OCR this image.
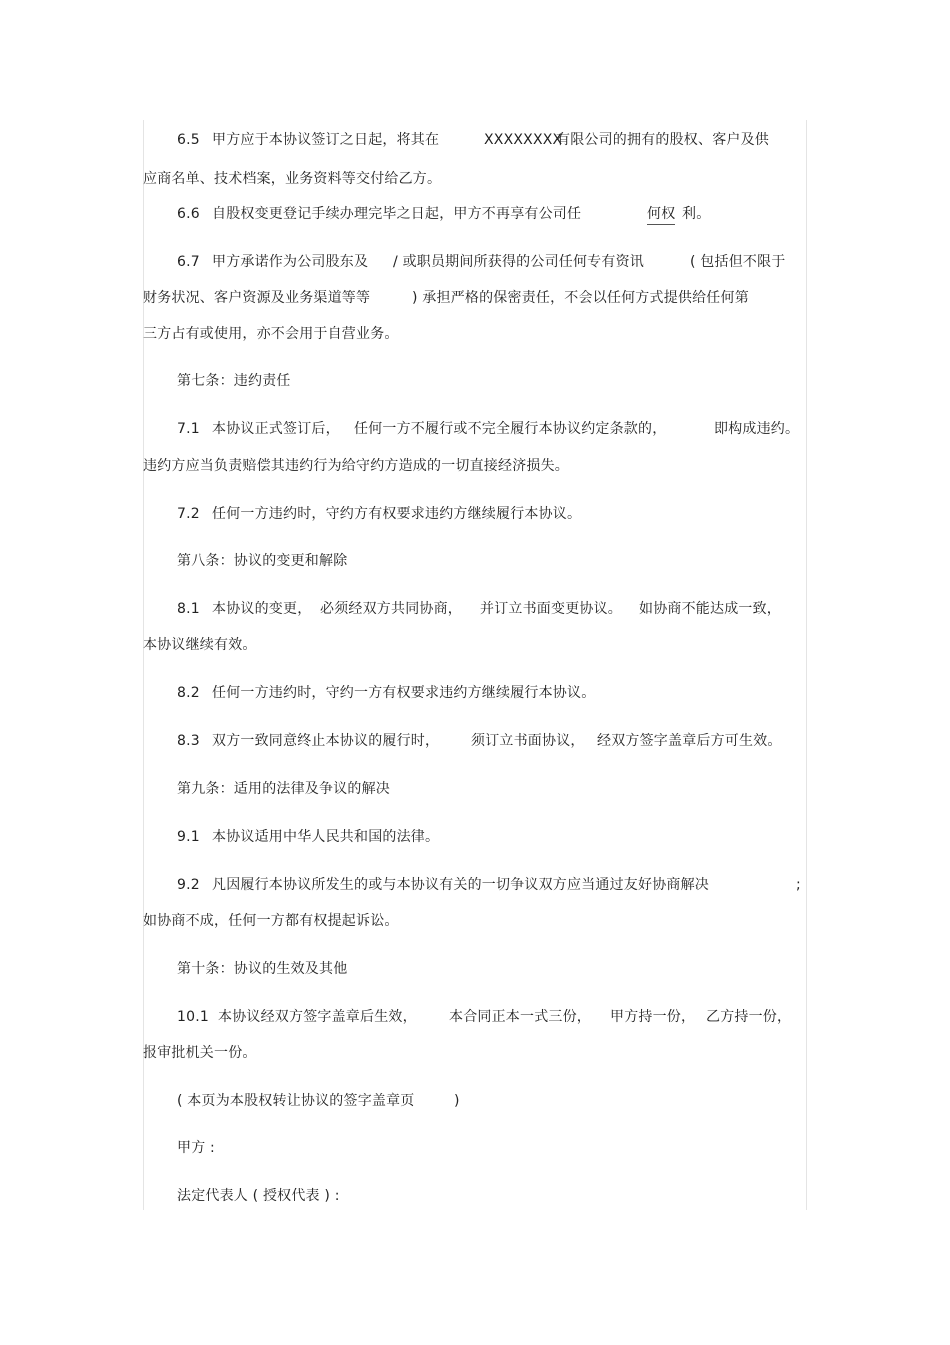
6.5 甲方应于本协议签订之日起，将其在	XXXXXXXX
有限公司的拥有的股权、客户及供
应商名单、技术档案，业务资料等交付给乙方。
6.6 自股权变更登记手续办理完毕之日起，甲方不再享有公司任	何权 利。
6.7 甲方承诺作为公司股东及 / 或职员期间所获得的公司任何专有资讯	( 包括但不限于
财务状况、客户资源及业务渠道等等	) 承担严格的保密责任，不会以任何方式提供给任何第
三方占有或使用，亦不会用于自营业务。
第七条：违约责任
7.1 本协议正式签订后， 任何一方不履行或不完全履行本协议约定条款的，	即构成违约。
违约方应当负责赔偿其违约行为给守约方造成的一切直接经济损失。
7.2 任何一方违约时，守约方有权要求违约方继续履行本协议。
第八条：协议的变更和解除
8.1 本协议的变更， 必须经双方共同协商， 并订立书面变更协议。 如协商不能达成一致，
本协议继续有效。
8.2 任何一方违约时，守约一方有权要求违约方继续履行本协议。
8.3 双方一致同意终止本协议的履行时， 须订立书面协议， 经双方签字盖章后方可生效。
第九条：适用的法律及争议的解决
9.1 本协议适用中华人民共和国的法律。
9.2 凡因履行本协议所发生的或与本协议有关的一切争议双方应当通过友好协商解决	;
如协商不成，任何一方都有权提起诉讼。
第十条：协议的生效及其他
10.1 本协议经双方签字盖章后生效， 本合同正本一式三份， 甲方持一份， 乙方持一份，
报审批机关一份。
( 本页为本股权转让协议的签字盖章页	)
甲方 :
法定代表人 ( 授权代表 ) :
